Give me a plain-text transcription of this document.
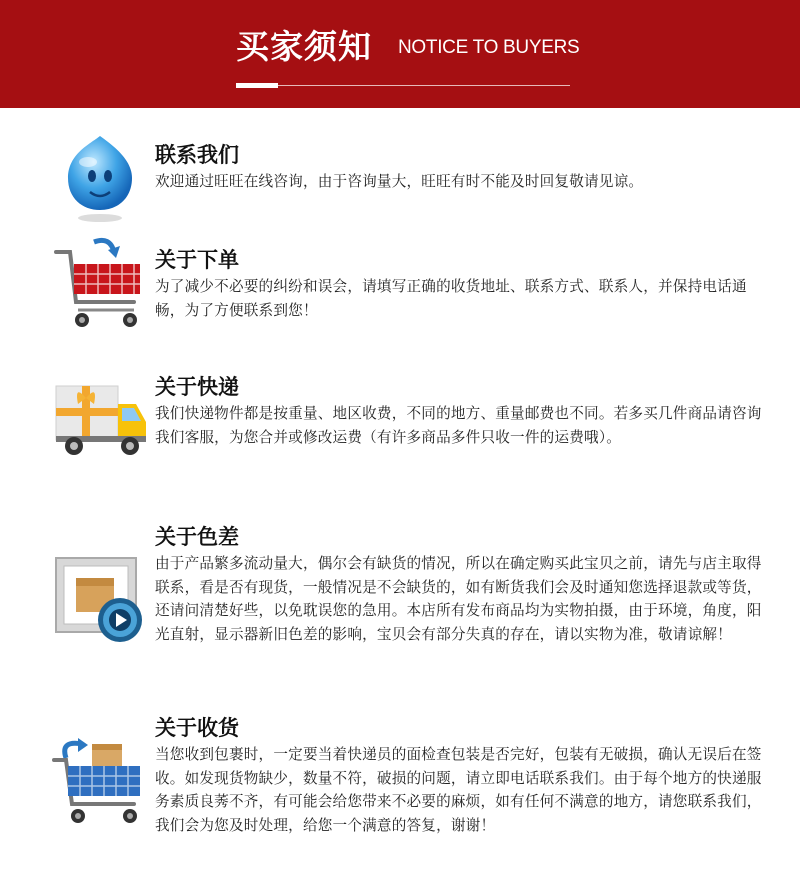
买家须知 NOTICE TO BUYERS
联系我们
欢迎通过旺旺在线咨询，由于咨询量大，旺旺有时不能及时回复敬请见谅。
关于下单
为了减少不必要的纠纷和误会，请填写正确的收货地址、联系方式、联系人，并保持电话通畅，为了方便联系到您！
关于快递
我们快递物件都是按重量、地区收费，不同的地方、重量邮费也不同。若多买几件商品请咨询我们客服，为您合并或修改运费（有许多商品多件只收一件的运费哦）。
关于色差
由于产品繁多流动量大，偶尔会有缺货的情况，所以在确定购买此宝贝之前，请先与店主取得联系，看是否有现货，一般情况是不会缺货的，如有断货我们会及时通知您选择退款或等货，还请问清楚好些，以免耽误您的急用。本店所有发布商品均为实物拍摄，由于环境，角度，阳光直射，显示器新旧色差的影响，宝贝会有部分失真的存在，请以实物为准，敬请谅解！
关于收货
当您收到包裹时，一定要当着快递员的面检查包装是否完好，包装有无破损，确认无误后在签收。如发现货物缺少，数量不符，破损的问题，请立即电话联系我们。由于每个地方的快递服务素质良莠不齐，有可能会给您带来不必要的麻烦，如有任何不满意的地方，请您联系我们，我们会为您及时处理，给您一个满意的答复，谢谢！
